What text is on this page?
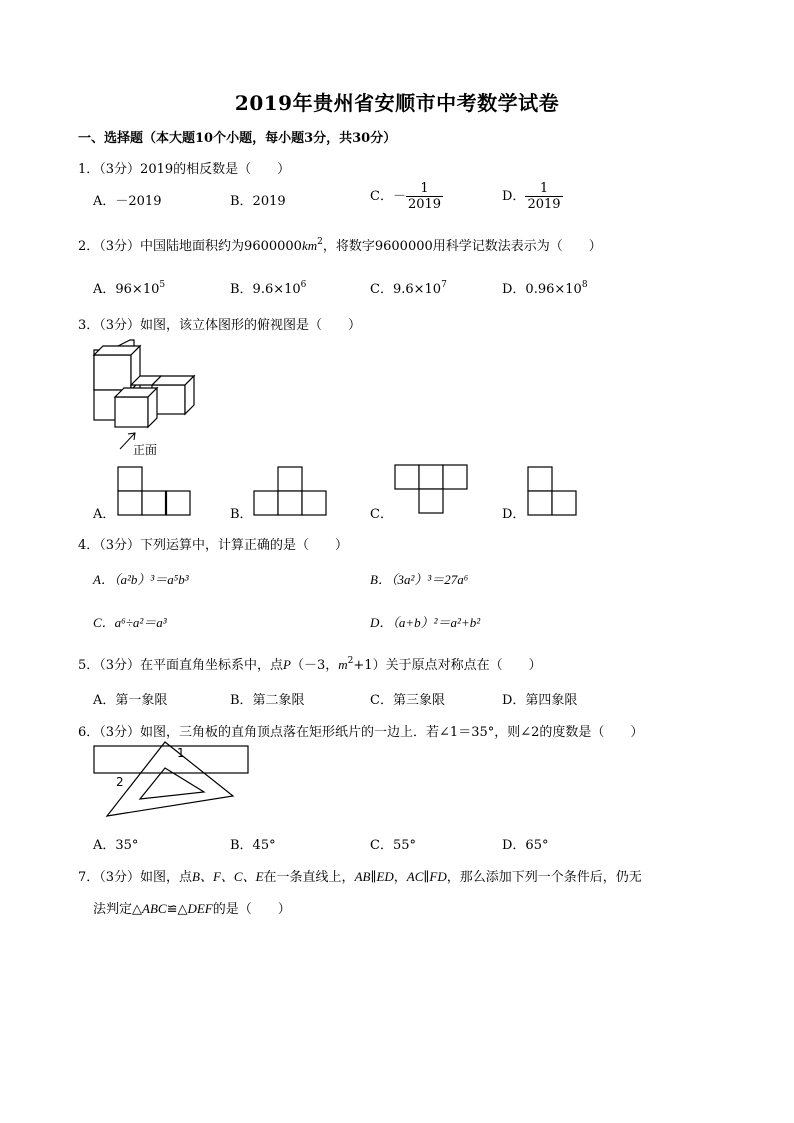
2019年贵州省安顺市中考数学试卷
一、选择题（本大题10个小题，每小题3分，共30分）
1．（3分）2019的相反数是（　　）
A．－2019	B．2019	C．－ $\frac{1}{2019}$	D． $\frac{1}{2019}$
2．（3分）中国陆地面积约为$9600000km^2$，将数字9600000用科学记数法表示为（　　）
A．$96\times 10^5$	B．$9.6\times 10^6$	C．$9.6\times 10^7$	D．$0.96\times 10^8$
3．（3分）如图，该立体图形的俯视图是（　　）
正面
A．	B．	C．	D．
4．（3分）下列运算中，计算正确的是（　　）
A．（a²b）³＝a⁵b³	B．（3a²）³＝27a⁶
C．a⁶÷a²＝a³	D．（a+b）²＝a²+b²
5．（3分）在平面直角坐标系中，点P（－3，$m^2+1$）关于原点对称点在（　　）
A．第一象限	B．第二象限	C．第三象限	D．第四象限
6．（3分）如图，三角板的直角顶点落在矩形纸片的一边上．若∠1＝35°，则∠2的度数是（　　）
1
2
A．35°	B．45°	C．55°	D．65°
7．（3分）如图，点B、F、C、E在一条直线上，AB∥ED，AC∥FD，那么添加下列一个条件后，仍无
法判定△ABC≌△DEF的是（　　）
